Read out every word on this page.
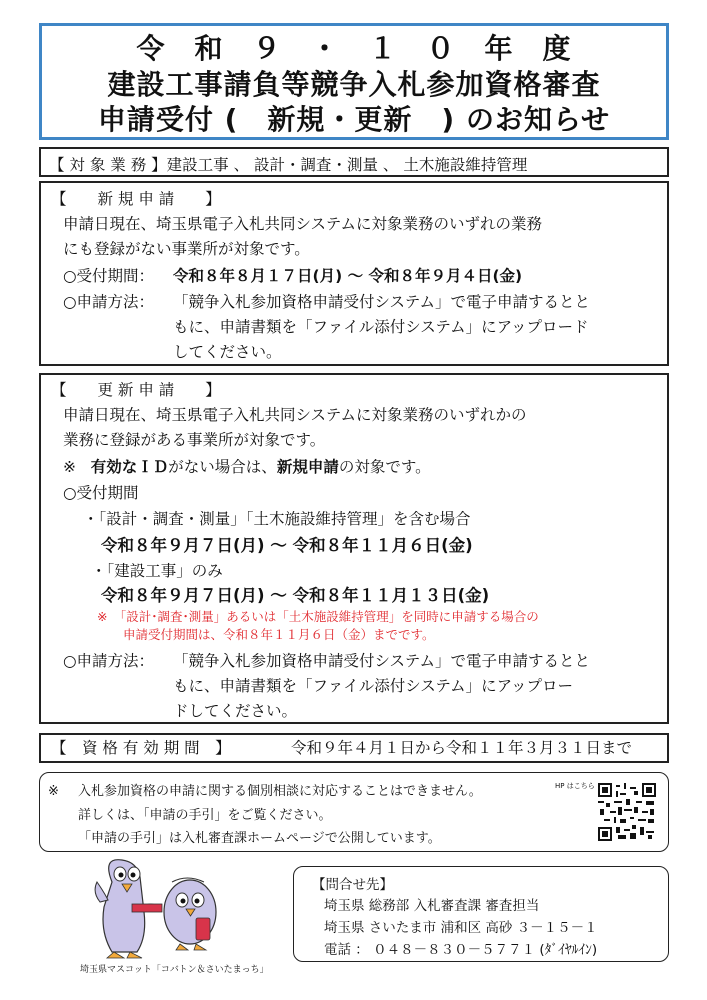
令　和　９　・　１　０　年　度
建設工事請負等競争入札参加資格審査
申請受付 (　新規・更新　) のお知らせ
【 対 象 業 務 】建設工事 、 設計・調査・測量 、 土木施設維持管理
【　　新 規 申 請　　】
申請日現在、埼玉県電子入札共同システムに対象業務のいずれの業務
にも登録がない事業所が対象です。
○受付期間： 令和８年８月１７日(月) ～ 令和８年９月４日(金)
○申請方法： 「競争入札参加資格申請受付システム」で電子申請するとと
もに、申請書類を「ファイル添付システム」にアップロード
してください。
【　　更 新 申 請　　】
申請日現在、埼玉県電子入札共同システムに対象業務のいずれかの
業務に登録がある事業所が対象です。
※ 有効なＩＤがない場合は、新規申請の対象です。
○受付期間
・「設計・調査・測量」「土木施設維持管理」を含む場合
令和８年９月７日(月) ～ 令和８年１１月６日(金)
・「建設工事」のみ
令和８年９月７日(月) ～ 令和８年１１月１３日(金)
※　「設計･調査･測量」あるいは「土木施設維持管理」を同時に申請する場合の
申請受付期間は、令和８年１１月６日（金）までです。
○申請方法： 「競争入札参加資格申請受付システム」で電子申請するとと
もに、申請書類を「ファイル添付システム」にアップロー
ドしてください。
【　資 格 有 効 期 間　】	令和９年４月１日から令和１１年３月３１日まで
※ 入札参加資格の申請に関する個別相談に対応することはできません。
詳しくは、「申請の手引」をご覧ください。
「申請の手引」は入札審査課ホームページで公開しています。
HP はこちら
埼玉県マスコット「コバトン＆さいたまっち」
【問合せ先】
埼玉県 総務部 入札審査課 審査担当
埼玉県 さいたま市 浦和区 高砂 ３－１５－１
電話 ： ０４８－８３０－５７７１ (ﾀﾞｲﾔﾙｲﾝ)
